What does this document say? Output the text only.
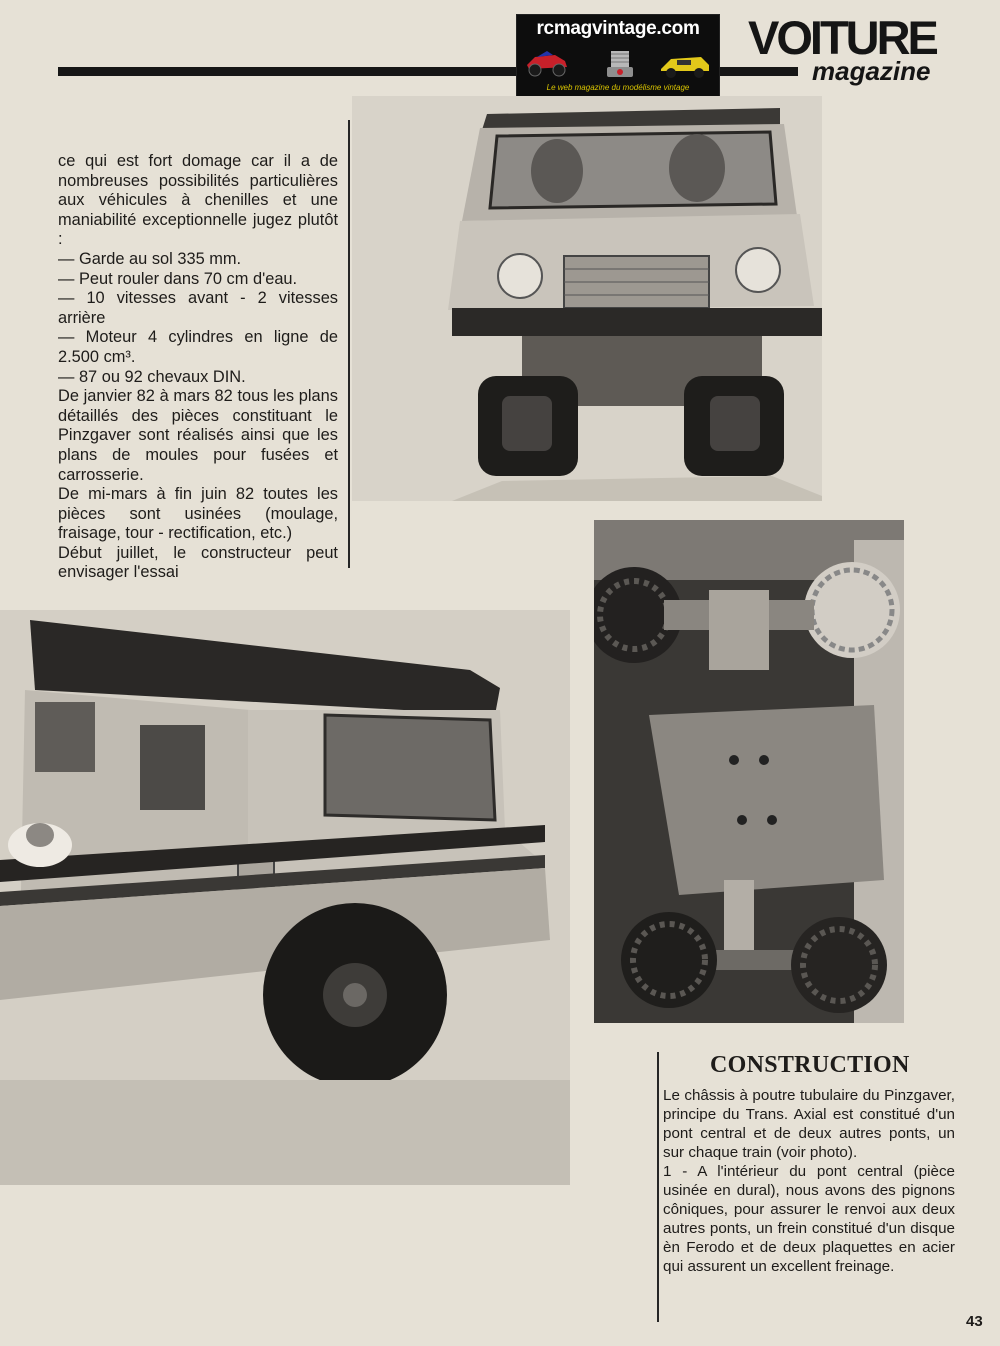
rcmagvintage.com
Le web magazine du modélisme vintage
VOITURE
magazine

ce qui est fort domage car il a de nombreuses possibilités particulières aux véhicules à chenilles et une maniabilité exceptionnelle jugez plutôt :

— Garde au sol 335 mm.

— Peut rouler dans 70 cm d'eau.

— 10 vitesses avant - 2 vitesses arrière

— Moteur 4 cylindres en ligne de 2.500 cm³.

— 87 ou 92 chevaux DIN.

De janvier 82 à mars 82 tous les plans détaillés des pièces constituant le Pinzgaver sont réalisés ainsi que les plans de moules pour fusées et carrosserie.

De mi-mars à fin juin 82 toutes les pièces sont usinées (moulage, fraisage, tour - rectification, etc.)

Début juillet, le constructeur peut envisager l'essai

CONSTRUCTION

Le châssis à poutre tubulaire du Pinzgaver, principe du Trans. Axial est constitué d'un pont central et de deux autres ponts, un sur chaque train (voir photo).

1 - A l'intérieur du pont central (pièce usinée en dural), nous avons des pignons côniques, pour assurer le renvoi aux deux autres ponts, un frein constitué d'un disque èn Ferodo et de deux plaquettes en acier qui assurent un excellent freinage.

43
